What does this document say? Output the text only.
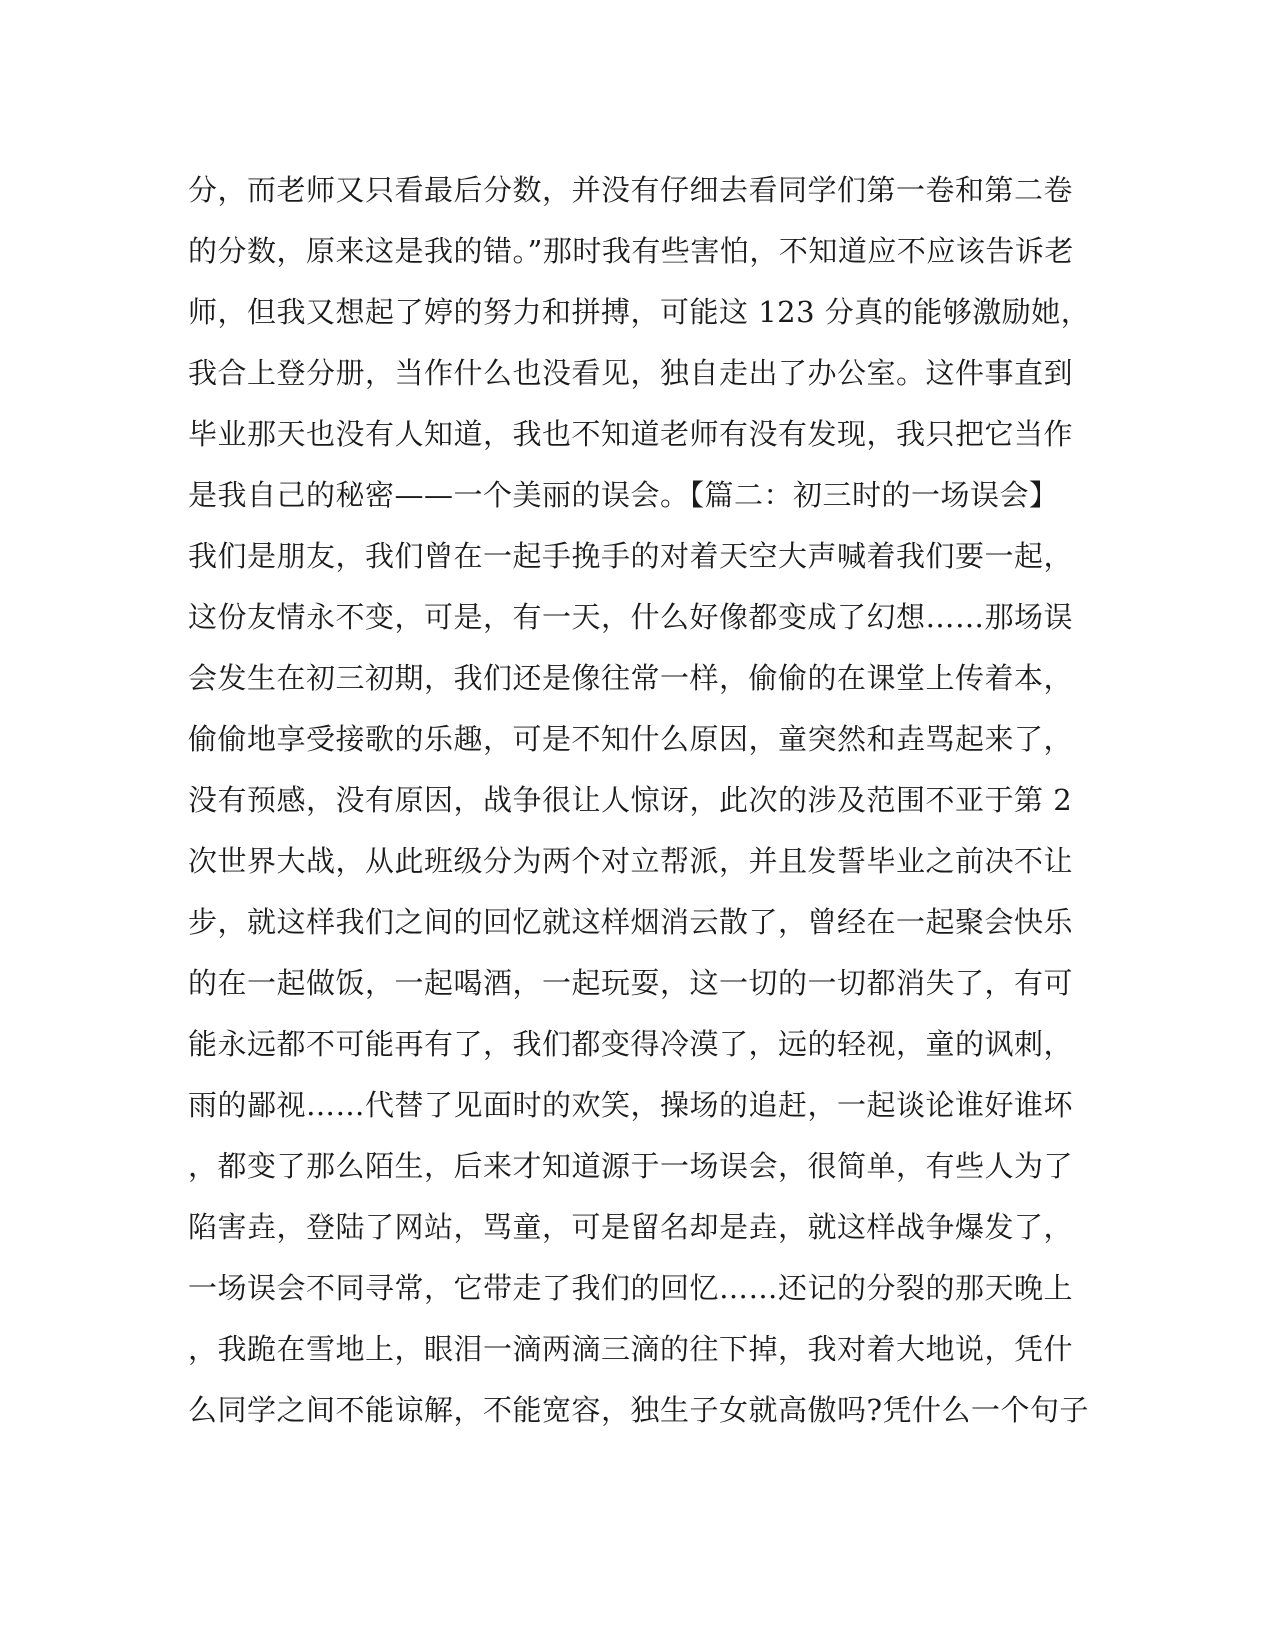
分，而老师又只看最后分数，并没有仔细去看同学们第一卷和第二卷
的分数，原来这是我的错。”那时我有些害怕，不知道应不应该告诉老
师，但我又想起了婷的努力和拼搏，可能这 123 分真的能够激励她，
我合上登分册，当作什么也没看见，独自走出了办公室。这件事直到
毕业那天也没有人知道，我也不知道老师有没有发现，我只把它当作
是我自己的秘密——一个美丽的误会。【篇二：初三时的一场误会】
我们是朋友，我们曾在一起手挽手的对着天空大声喊着我们要一起，
这份友情永不变，可是，有一天，什么好像都变成了幻想……那场误
会发生在初三初期，我们还是像往常一样，偷偷的在课堂上传着本，
偷偷地享受接歌的乐趣，可是不知什么原因，童突然和垚骂起来了，
没有预感，没有原因，战争很让人惊讶，此次的涉及范围不亚于第 2
次世界大战，从此班级分为两个对立帮派，并且发誓毕业之前决不让
步，就这样我们之间的回忆就这样烟消云散了，曾经在一起聚会快乐
的在一起做饭，一起喝酒，一起玩耍，这一切的一切都消失了，有可
能永远都不可能再有了，我们都变得冷漠了，远的轻视，童的讽刺，
雨的鄙视……代替了见面时的欢笑，操场的追赶，一起谈论谁好谁坏
，都变了那么陌生，后来才知道源于一场误会，很简单，有些人为了
陷害垚，登陆了网站，骂童，可是留名却是垚，就这样战争爆发了，
一场误会不同寻常，它带走了我们的回忆……还记的分裂的那天晚上
，我跪在雪地上，眼泪一滴两滴三滴的往下掉，我对着大地说，凭什
么同学之间不能谅解，不能宽容，独生子女就高傲吗?凭什么一个句子
